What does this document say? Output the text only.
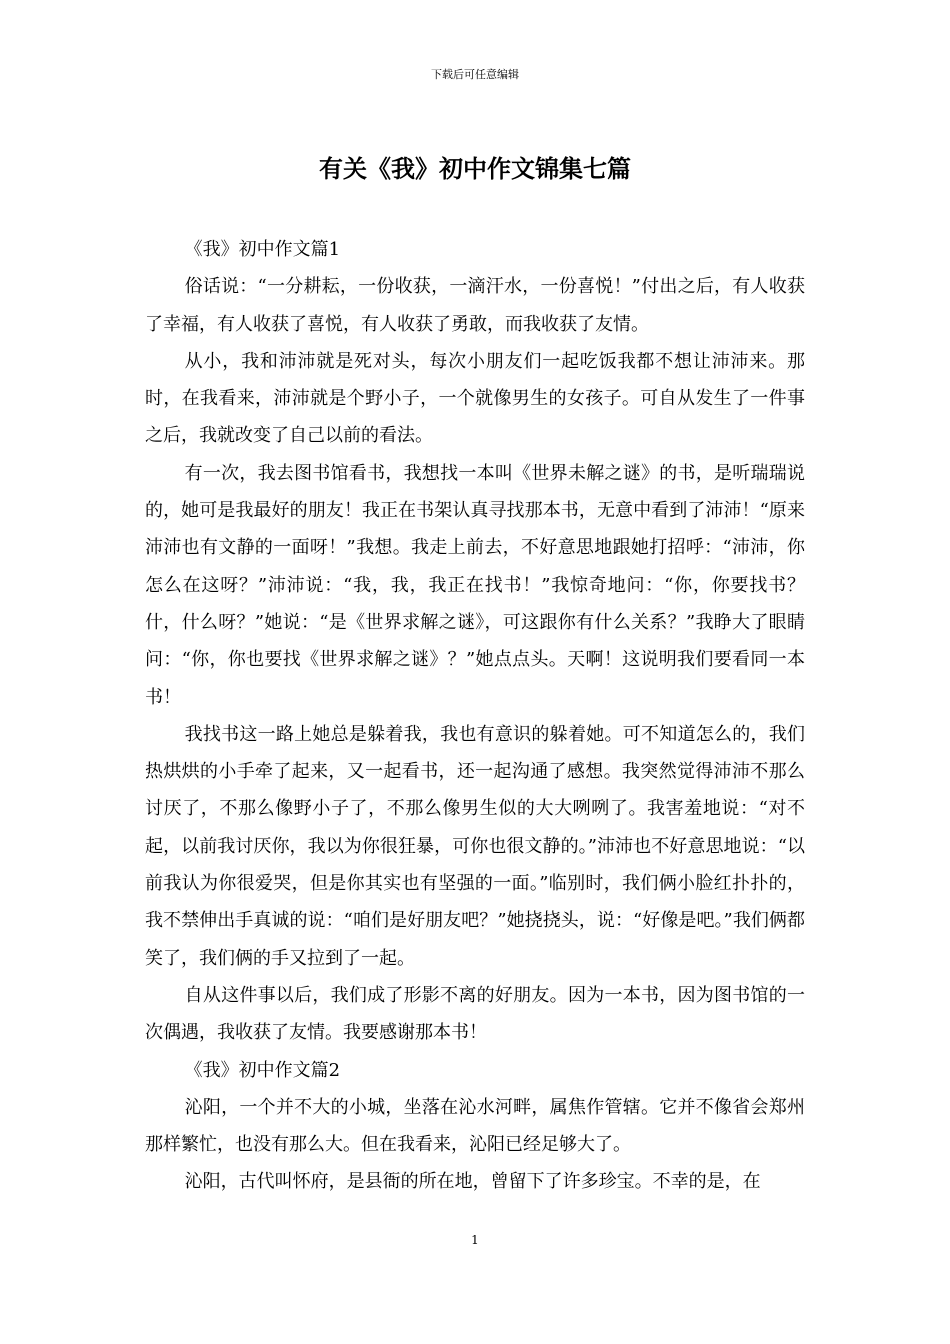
下载后可任意编辑
有关《我》初中作文锦集七篇

《我》初中作文篇1

俗话说：“一分耕耘，一份收获，一滴汗水，一份喜悦！”付出之后，有人收获了幸福，有人收获了喜悦，有人收获了勇敢，而我收获了友情。

从小，我和沛沛就是死对头，每次小朋友们一起吃饭我都不想让沛沛来。那时，在我看来，沛沛就是个野小子，一个就像男生的女孩子。可自从发生了一件事之后，我就改变了自己以前的看法。

有一次，我去图书馆看书，我想找一本叫《世界未解之谜》的书，是听瑞瑞说的，她可是我最好的朋友！我正在书架认真寻找那本书，无意中看到了沛沛！“原来沛沛也有文静的一面呀！”我想。我走上前去，不好意思地跟她打招呼：“沛沛，你怎么在这呀？”沛沛说：“我，我，我正在找书！”我惊奇地问：“你，你要找书？什，什么呀？”她说：“是《世界求解之谜》，可这跟你有什么关系？”我睁大了眼睛问：“你，你也要找《世界求解之谜》？”她点点头。天啊！这说明我们要看同一本书！

我找书这一路上她总是躲着我，我也有意识的躲着她。可不知道怎么的，我们热烘烘的小手牵了起来，又一起看书，还一起沟通了感想。我突然觉得沛沛不那么讨厌了，不那么像野小子了，不那么像男生似的大大咧咧了。我害羞地说：“对不起，以前我讨厌你，我以为你很狂暴，可你也很文静的。”沛沛也不好意思地说：“以前我认为你很爱哭，但是你其实也有坚强的一面。”临别时，我们俩小脸红扑扑的，我不禁伸出手真诚的说：“咱们是好朋友吧？”她挠挠头，说：“好像是吧。”我们俩都笑了，我们俩的手又拉到了一起。

自从这件事以后，我们成了形影不离的好朋友。因为一本书，因为图书馆的一次偶遇，我收获了友情。我要感谢那本书！

《我》初中作文篇2

沁阳，一个并不大的小城，坐落在沁水河畔，属焦作管辖。它并不像省会郑州那样繁忙，也没有那么大。但在我看来，沁阳已经足够大了。

沁阳，古代叫怀府，是县衙的所在地，曾留下了许多珍宝。不幸的是，在

1
